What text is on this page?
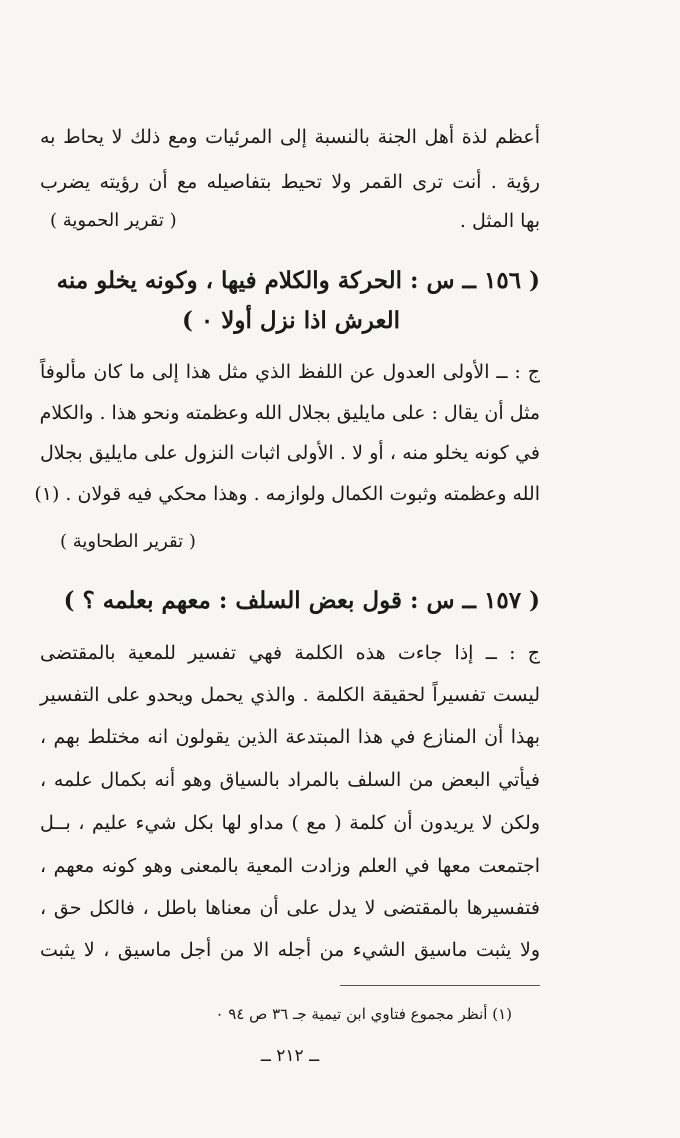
أعظم لذة أهل الجنة بالنسبة إلى المرئيات ومع ذلك لا يحاط به
رؤية . أنت ترى القمر ولا تحيط بتفاصيله مع أن رؤيته يضرب
بها المثل .
( تقرير الحموية )
( ١٥٦ ــ س : الحركة والكلام فيها ، وكونه يخلو منه
العرش اذا نزل أولا ٠ )
ج : ــ الأولى العدول عن اللفظ الذي مثل هذا إلى ما كان مألوفاً
مثل أن يقال : على مايليق بجلال الله وعظمته ونحو هذا . والكلام
في كونه يخلو منه ، أو لا . الأولى اثبات النزول على مايليق بجلال
الله وعظمته وثبوت الكمال ولوازمه . وهذا محكي فيه قولان . (١)
( تقرير الطحاوية )
( ١٥٧ ــ س : قول بعض السلف : معهم بعلمه ؟ )
ج : ــ إذا جاءت هذه الكلمة فهي تفسير للمعية بالمقتضى
ليست تفسيراً لحقيقة الكلمة . والذي يحمل ويحدو على التفسير
بهذا أن المنازع في هذا المبتدعة الذين يقولون انه مختلط بهم ،
فيأتي البعض من السلف بالمراد بالسياق وهو أنه بكمال علمه ،
ولكن لا يريدون أن كلمة ( مع ) مداو لها بكل شيء عليم ، بــل
اجتمعت معها في العلم وزادت المعية بالمعنى وهو كونه معهم ،
فتفسيرها بالمقتضى لا يدل على أن معناها باطل ، فالكل حق ،
ولا يثبت ماسيق الشيء من أجله الا من أجل ماسيق ، لا يثبت
(١) أنظر مجموع فتاوي ابن تيمية جـ ٣٦ ص ٩٤ ٠
ــ ٢١٢ ــ
